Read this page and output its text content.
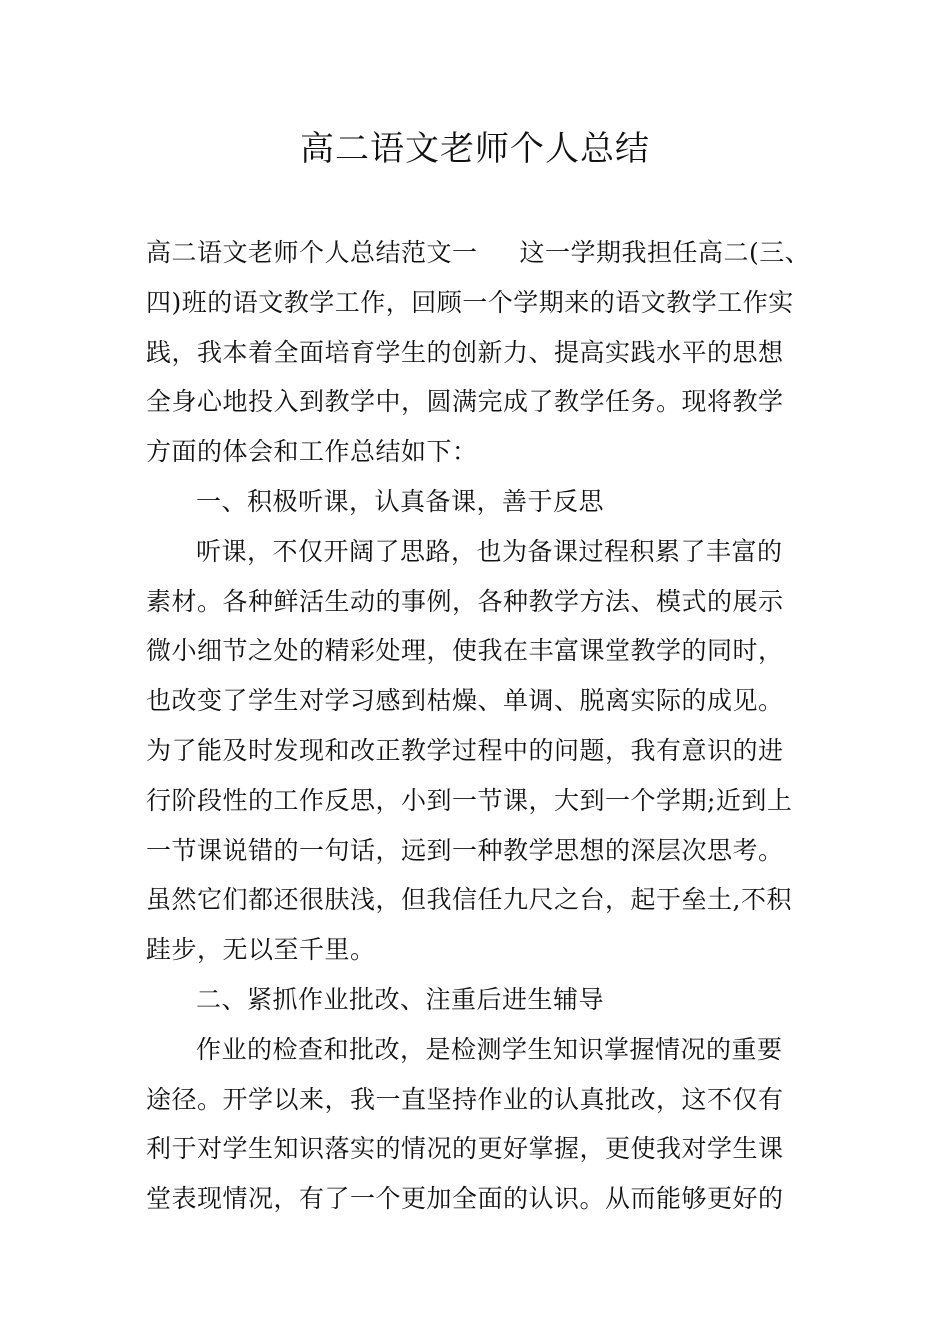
高二语文老师个人总结
高二语文老师个人总结范文一 这一学期我担任高二(三、
四)班的语文教学工作，回顾一个学期来的语文教学工作实
践，我本着全面培育学生的创新力、提高实践水平的思想
全身心地投入到教学中，圆满完成了教学任务。现将教学
方面的体会和工作总结如下：
一、积极听课，认真备课，善于反思
听课，不仅开阔了思路，也为备课过程积累了丰富的
素材。各种鲜活生动的事例，各种教学方法、模式的展示
微小细节之处的精彩处理，使我在丰富课堂教学的同时，
也改变了学生对学习感到枯燥、单调、脱离实际的成见。
为了能及时发现和改正教学过程中的问题，我有意识的进
行阶段性的工作反思，小到一节课，大到一个学期;近到上
一节课说错的一句话，远到一种教学思想的深层次思考。
虽然它们都还很肤浅，但我信任九尺之台，起于垒土,不积
跬步，无以至千里。
二、紧抓作业批改、注重后进生辅导
作业的检查和批改，是检测学生知识掌握情况的重要
途径。开学以来，我一直坚持作业的认真批改，这不仅有
利于对学生知识落实的情况的更好掌握，更使我对学生课
堂表现情况，有了一个更加全面的认识。从而能够更好的
